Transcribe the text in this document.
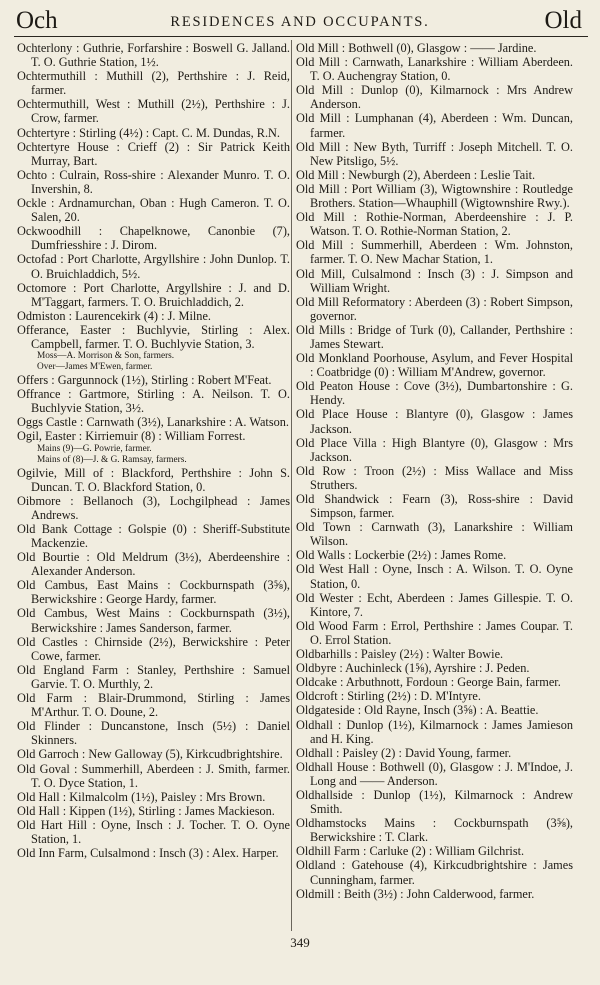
Och	RESIDENCES AND OCCUPANTS.	Old
Ochterlony : Guthrie, Forfarshire : Boswell G. Jalland. T. O. Guthrie Station, 1½.
Ochtermuthill : Muthill (2), Perthshire : J. Reid, farmer.
Ochtermuthill, West : Muthill (2½), Perthshire : J. Crow, farmer.
Ochtertyre : Stirling (4½) : Capt. C. M. Dundas, R.N.
Ochtertyre House : Crieff (2) : Sir Patrick Keith Murray, Bart.
Ochto : Culrain, Ross-shire : Alexander Munro. T. O. Invershin, 8.
Ockle : Ardnamurchan, Oban : Hugh Cameron. T. O. Salen, 20.
Ockwoodhill : Chapelknowe, Canonbie (7), Dumfriesshire : J. Dirom.
Octofad : Port Charlotte, Argyllshire : John Dunlop. T. O. Bruichladdich, 5½.
Octomore : Port Charlotte, Argyllshire : J. and D. M'Taggart, farmers. T. O. Bruichladdich, 2.
Odmiston : Laurencekirk (4) : J. Milne.
Offerance, Easter : Buchlyvie, Stirling : Alex. Campbell, farmer. T. O. Buchlyvie Station, 3.
Moss—A. Morrison & Son, farmers.
Over—James M'Ewen, farmer.
Offers : Gargunnock (1½), Stirling : Robert M'Feat.
Offrance : Gartmore, Stirling : A. Neilson. T. O. Buchlyvie Station, 3½.
Oggs Castle : Carnwath (3½), Lanarkshire : A. Watson.
Ogil, Easter : Kirriemuir (8) : William Forrest.
Mains (9)—G. Powrie, farmer.
Mains of (8)—J. & G. Ramsay, farmers.
Ogilvie, Mill of : Blackford, Perthshire : John S. Duncan. T. O. Blackford Station, 0.
Oibmore : Bellanoch (3), Lochgilphead : James Andrews.
Old Bank Cottage : Golspie (0) : Sheriff-Substitute Mackenzie.
Old Bourtie : Old Meldrum (3½), Aberdeenshire : Alexander Anderson.
Old Cambus, East Mains : Cockburnspath (3⅝), Berwickshire : George Hardy, farmer.
Old Cambus, West Mains : Cockburnspath (3½), Berwickshire : James Sanderson, farmer.
Old Castles : Chirnside (2½), Berwickshire : Peter Cowe, farmer.
Old England Farm : Stanley, Perthshire : Samuel Garvie. T. O. Murthly, 2.
Old Farm : Blair-Drummond, Stirling : James M'Arthur. T. O. Doune, 2.
Old Flinder : Duncanstone, Insch (5½) : Daniel Skinners.
Old Garroch : New Galloway (5), Kirkcudbrightshire.
Old Goval : Summerhill, Aberdeen : J. Smith, farmer. T. O. Dyce Station, 1.
Old Hall : Kilmalcolm (1½), Paisley : Mrs Brown.
Old Hall : Kippen (1½), Stirling : James Mackieson.
Old Hart Hill : Oyne, Insch : J. Tocher. T. O. Oyne Station, 1.
Old Inn Farm, Culsalmond : Insch (3) : Alex. Harper.
Old Mill : Bothwell (0), Glasgow : —— Jardine.
Old Mill : Carnwath, Lanarkshire : William Aberdeen. T. O. Auchengray Station, 0.
Old Mill : Dunlop (0), Kilmarnock : Mrs Andrew Anderson.
Old Mill : Lumphanan (4), Aberdeen : Wm. Duncan, farmer.
Old Mill : New Byth, Turriff : Joseph Mitchell. T. O. New Pitsligo, 5½.
Old Mill : Newburgh (2), Aberdeen : Leslie Tait.
Old Mill : Port William (3), Wigtownshire : Routledge Brothers. Station—Whauphill (Wigtownshire Rwy.).
Old Mill : Rothie-Norman, Aberdeenshire : J. P. Watson. T. O. Rothie-Norman Station, 2.
Old Mill : Summerhill, Aberdeen : Wm. Johnston, farmer. T. O. New Machar Station, 1.
Old Mill, Culsalmond : Insch (3) : J. Simpson and William Wright.
Old Mill Reformatory : Aberdeen (3) : Robert Simpson, governor.
Old Mills : Bridge of Turk (0), Callander, Perthshire : James Stewart.
Old Monkland Poorhouse, Asylum, and Fever Hospital : Coatbridge (0) : William M'Andrew, governor.
Old Peaton House : Cove (3½), Dumbartonshire : G. Hendy.
Old Place House : Blantyre (0), Glasgow : James Jackson.
Old Place Villa : High Blantyre (0), Glasgow : Mrs Jackson.
Old Row : Troon (2½) : Miss Wallace and Miss Struthers.
Old Shandwick : Fearn (3), Ross-shire : David Simpson, farmer.
Old Town : Carnwath (3), Lanarkshire : William Wilson.
Old Walls : Lockerbie (2½) : James Rome.
Old West Hall : Oyne, Insch : A. Wilson. T. O. Oyne Station, 0.
Old Wester : Echt, Aberdeen : James Gillespie. T. O. Kintore, 7.
Old Wood Farm : Errol, Perthshire : James Coupar. T. O. Errol Station.
Oldbarhills : Paisley (2½) : Walter Bowie.
Oldbyre : Auchinleck (1⅝), Ayrshire : J. Peden.
Oldcake : Arbuthnott, Fordoun : George Bain, farmer.
Oldcroft : Stirling (2½) : D. M'Intyre.
Oldgateside : Old Rayne, Insch (3⅝) : A. Beattie.
Oldhall : Dunlop (1½), Kilmarnock : James Jamieson and H. King.
Oldhall : Paisley (2) : David Young, farmer.
Oldhall House : Bothwell (0), Glasgow : J. M'Indoe, J. Long and —— Anderson.
Oldhallside : Dunlop (1½), Kilmarnock : Andrew Smith.
Oldhamstocks Mains : Cockburnspath (3⅝), Berwickshire : T. Clark.
Oldhill Farm : Carluke (2) : William Gilchrist.
Oldland : Gatehouse (4), Kirkcudbrightshire : James Cunningham, farmer.
Oldmill : Beith (3½) : John Calderwood, farmer.
349
